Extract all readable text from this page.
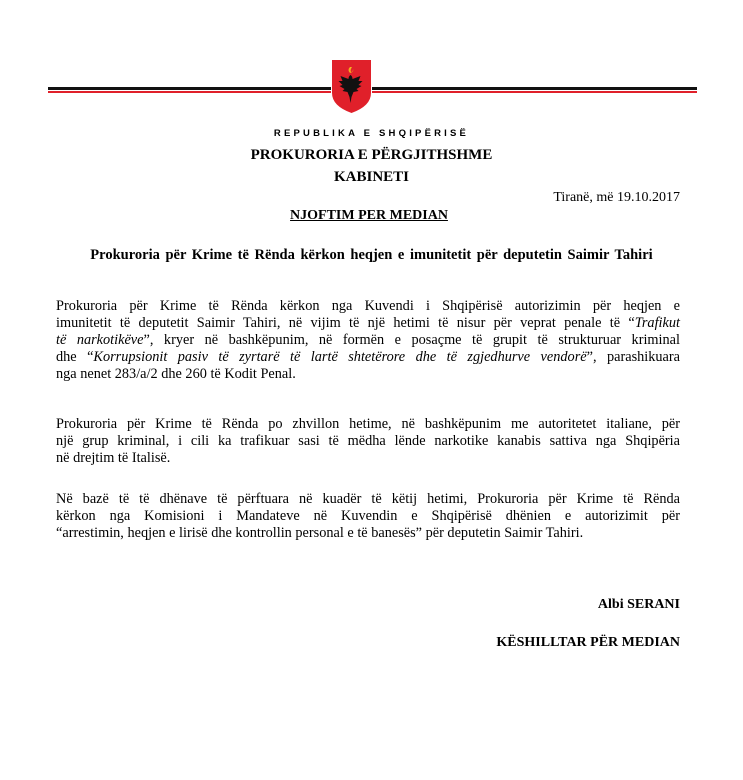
REPUBLIKA E SHQIPËRISË
PROKURORIA E PËRGJITHSHME
KABINETI
Tiranë, më 19.10.2017
NJOFTIM PER MEDIAN
Prokuroria për Krime të Rënda kërkon heqjen e imunitetit për deputetin Saimir Tahiri
Prokuroria për Krime të Rënda kërkon nga Kuvendi i Shqipërisë autorizimin për heqjen e
imunitetit të deputetit Saimir Tahiri, në vijim të një hetimi të nisur për veprat penale të “Trafikut
të narkotikëve”, kryer në bashkëpunim, në formën e posaçme të grupit të strukturuar kriminal
dhe “Korrupsionit pasiv të zyrtarë të lartë shtetërore dhe të zgjedhurve vendorë”, parashikuara
nga nenet 283/a/2 dhe 260 të Kodit Penal.
Prokuroria për Krime të Rënda po zhvillon hetime, në bashkëpunim me autoritetet italiane, për
një grup kriminal, i cili ka trafikuar sasi të mëdha lënde narkotike kanabis sattiva nga Shqipëria
në drejtim të Italisë.
Në bazë të të dhënave të përftuara në kuadër të këtij hetimi, Prokuroria për Krime të Rënda
kërkon nga Komisioni i Mandateve në Kuvendin e Shqipërisë dhënien e autorizimit për
“arrestimin, heqjen e lirisë dhe kontrollin personal e të banesës” për deputetin Saimir Tahiri.
Albi SERANI
KËSHILLTAR PËR MEDIAN
